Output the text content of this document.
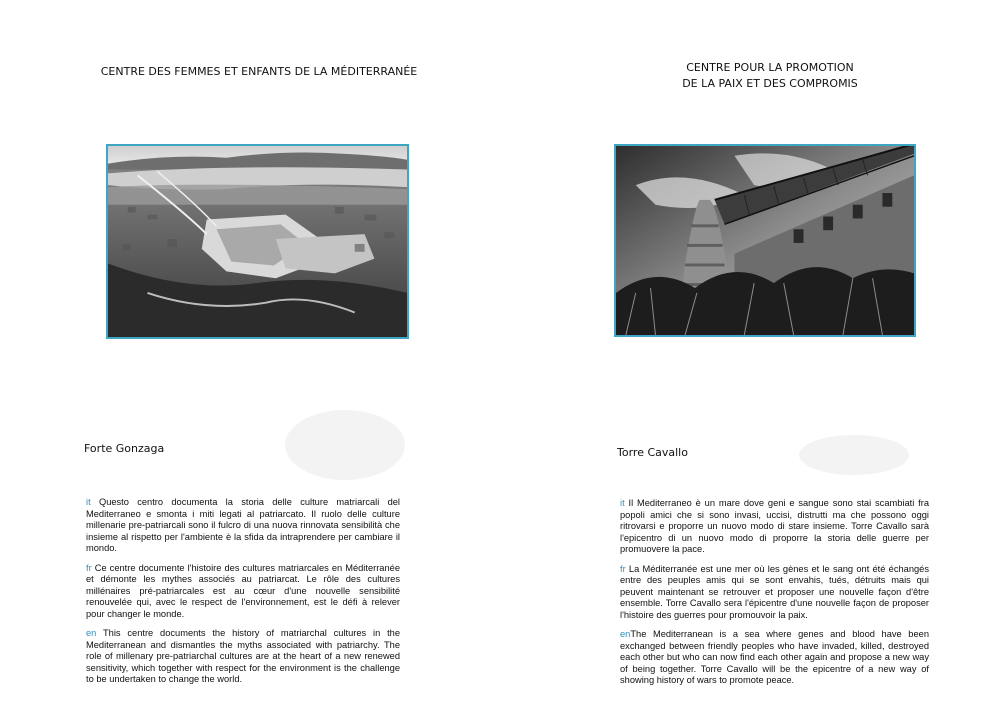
CENTRE DES FEMMES ET ENFANTS DE LA MÉDITERRANÉE
Forte Gonzaga

it Questo centro documenta la storia delle culture matriarcali del Mediterraneo e smonta i miti legati al patriarcato. Il ruolo delle culture millenarie pre-patriarcali sono il fulcro di una nuova rinnovata sensibilità che insieme al rispetto per l'ambiente è la sfida da intraprendere per cambiare il mondo.

fr Ce centre documente l'histoire des cultures matriarcales en Méditerranée et démonte les mythes associés au patriarcat. Le rôle des cultures millénaires pré-patriarcales est au cœur d'une nouvelle sensibilité renouvelée qui, avec le respect de l'environnement, est le défi à relever pour changer le monde.

en This centre documents the history of matriarchal cultures in the Mediterranean and dismantles the myths associated with patriarchy. The role of millenary pre-patriarchal cultures are at the heart of a new renewed sensitivity, which together with respect for the environment is the challenge to be undertaken to change the world.

CENTRE POUR LA PROMOTION
DE LA PAIX ET DES COMPROMIS
Torre Cavallo

it Il Mediterraneo è un mare dove geni e sangue sono stai scambiati fra popoli amici che si sono invasi, uccisi, distrutti ma che possono oggi ritrovarsi e proporre un nuovo modo di stare insieme. Torre Cavallo sarà l'epicentro di un nuovo modo di proporre la storia delle guerre per promuovere la pace.

fr La Méditerranée est une mer où les gènes et le sang ont été échangés entre des peuples amis qui se sont envahis, tués, détruits mais qui peuvent maintenant se retrouver et proposer une nouvelle façon d'être ensemble. Torre Cavallo sera l'épicentre d'une nouvelle façon de proposer l'histoire des guerres pour promouvoir la paix.

enThe Mediterranean is a sea where genes and blood have been exchanged between friendly peoples who have invaded, killed, destroyed each other but who can now find each other again and propose a new way of being together. Torre Cavallo will be the epicentre of a new way of showing history of wars to promote peace.
